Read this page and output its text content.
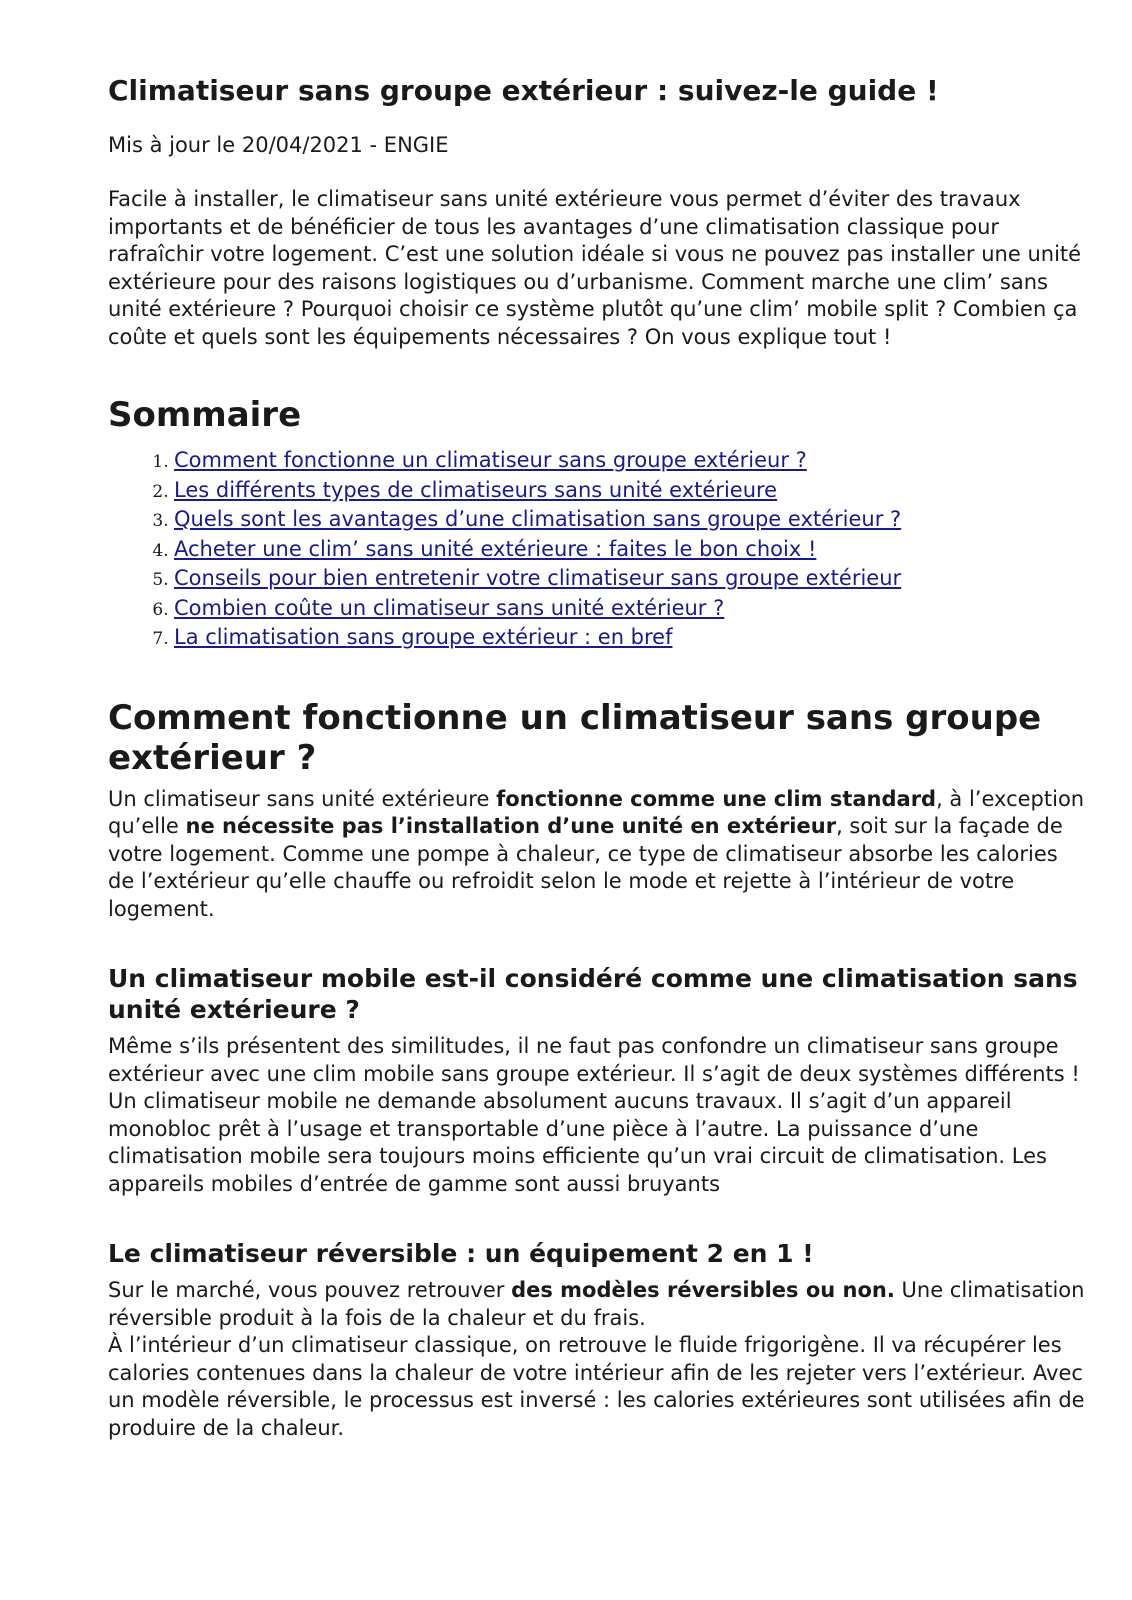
Climatiseur sans groupe extérieur : suivez-le guide !

Mis à jour le 20/04/2021 - ENGIE

Facile à installer, le climatiseur sans unité extérieure vous permet d’éviter des travaux importants et de bénéficier de tous les avantages d’une climatisation classique pour rafraîchir votre logement. C’est une solution idéale si vous ne pouvez pas installer une unité extérieure pour des raisons logistiques ou d’urbanisme. Comment marche une clim’ sans unité extérieure ? Pourquoi choisir ce système plutôt qu’une clim’ mobile split ? Combien ça coûte et quels sont les équipements nécessaires ? On vous explique tout !

Sommaire
1. Comment fonctionne un climatiseur sans groupe extérieur ?
2. Les différents types de climatiseurs sans unité extérieure
3. Quels sont les avantages d’une climatisation sans groupe extérieur ?
4. Acheter une clim’ sans unité extérieure : faites le bon choix !
5. Conseils pour bien entretenir votre climatiseur sans groupe extérieur
6. Combien coûte un climatiseur sans unité extérieur ?
7. La climatisation sans groupe extérieur : en bref
Comment fonctionne un climatiseur sans groupe extérieur ?

Un climatiseur sans unité extérieure fonctionne comme une clim standard, à l’exception qu’elle ne nécessite pas l’installation d’une unité en extérieur, soit sur la façade de votre logement. Comme une pompe à chaleur, ce type de climatiseur absorbe les calories de l’extérieur qu’elle chauffe ou refroidit selon le mode et rejette à l’intérieur de votre logement.

Un climatiseur mobile est-il considéré comme une climatisation sans unité extérieure ?

Même s’ils présentent des similitudes, il ne faut pas confondre un climatiseur sans groupe extérieur avec une clim mobile sans groupe extérieur. Il s’agit de deux systèmes différents ! Un climatiseur mobile ne demande absolument aucuns travaux. Il s’agit d’un appareil monobloc prêt à l’usage et transportable d’une pièce à l’autre. La puissance d’une climatisation mobile sera toujours moins efficiente qu’un vrai circuit de climatisation. Les appareils mobiles d’entrée de gamme sont aussi bruyants

Le climatiseur réversible : un équipement 2 en 1 !

Sur le marché, vous pouvez retrouver des modèles réversibles ou non. Une climatisation réversible produit à la fois de la chaleur et du frais.

À l’intérieur d’un climatiseur classique, on retrouve le fluide frigorigène. Il va récupérer les calories contenues dans la chaleur de votre intérieur afin de les rejeter vers l’extérieur. Avec un modèle réversible, le processus est inversé : les calories extérieures sont utilisées afin de produire de la chaleur.
